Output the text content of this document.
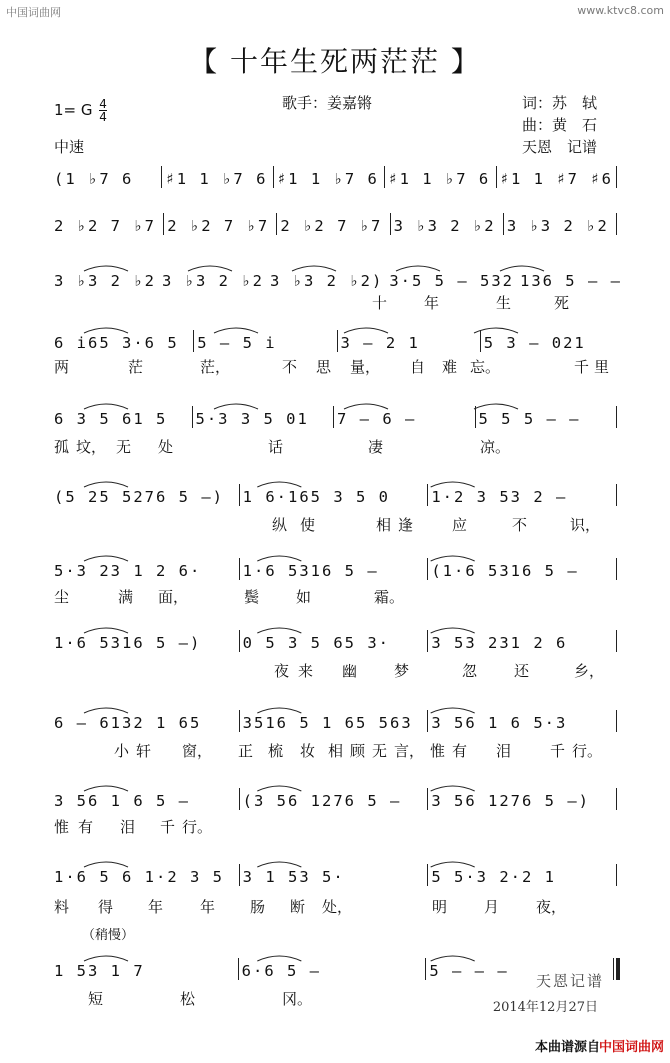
中国词曲网	www.ktvc8.com
【 十年生死两茫茫 】
1= G $\frac{4}{4}$	歌手：姜嘉锵	词：苏　轼
曲：黄　石
中速	天恩　记谱
(1 ♭7 6	♯1 1 ♭7 6 ♯1 1 ♭7 6 ♯1 1 ♭7 6 ♯1 1 ♯7 ♯6
2 ♭2 7 ♭7 2 ♭2 7 ♭7 2 ♭2 7 ♭7 3 ♭3 2 ♭2 3 ♭3 2 ♭2
3 ♭3 2 ♭2 3 ♭3 2 ♭2 3 ♭3 2 ♭2) 3·5 5 – 532 136 5 – –
6 i65 3·6 5	5 – 5 i	3 – 2 1	5 3 – 021
6 3 5 61 5	5·3 3 5 01	7 – 6 –	5 5 5 – –
(5 25 5276 5 –)	1 6·165 3 5 0	1·2 3 53 2 –
5·3 23 1 2 6·	1·6 5316 5 –	(1·6 5316 5 –
1·6 5316 5 –)	0 5 3 5 65 3·	3 53 231 2 6
6 – 6132 1 65	3516 5 1 65 563	3 56 1 6 5·3
3 56 1 6 5 –	(3 56 1276 5 –	3 56 1276 5 –)
1·6 5 6 1·2 3 5	3 1 53 5·	5 5·3 2·2 1
1 53 1 7	6·6 5 –	5 – – –
十 年	生	死
两	茫	茫，	不 思 量， 自 难 忘。	千 里
孤 坟， 无 处	话	凄	凉。
纵 使	相 逢	应	不	识，
尘	满 面，	鬓 如	霜。
夜 来 幽 梦	忽 还	乡，
小 轩 窗， 正 梳 妆 相 顾 无 言， 惟 有 泪	千 行。
惟 有 泪 千 行。
料 得 年 年 肠 断 处，	明 月 夜，
短	松	冈。
（稍慢）
天恩记谱
2014年12月27日
本曲谱源自
中国词曲网
